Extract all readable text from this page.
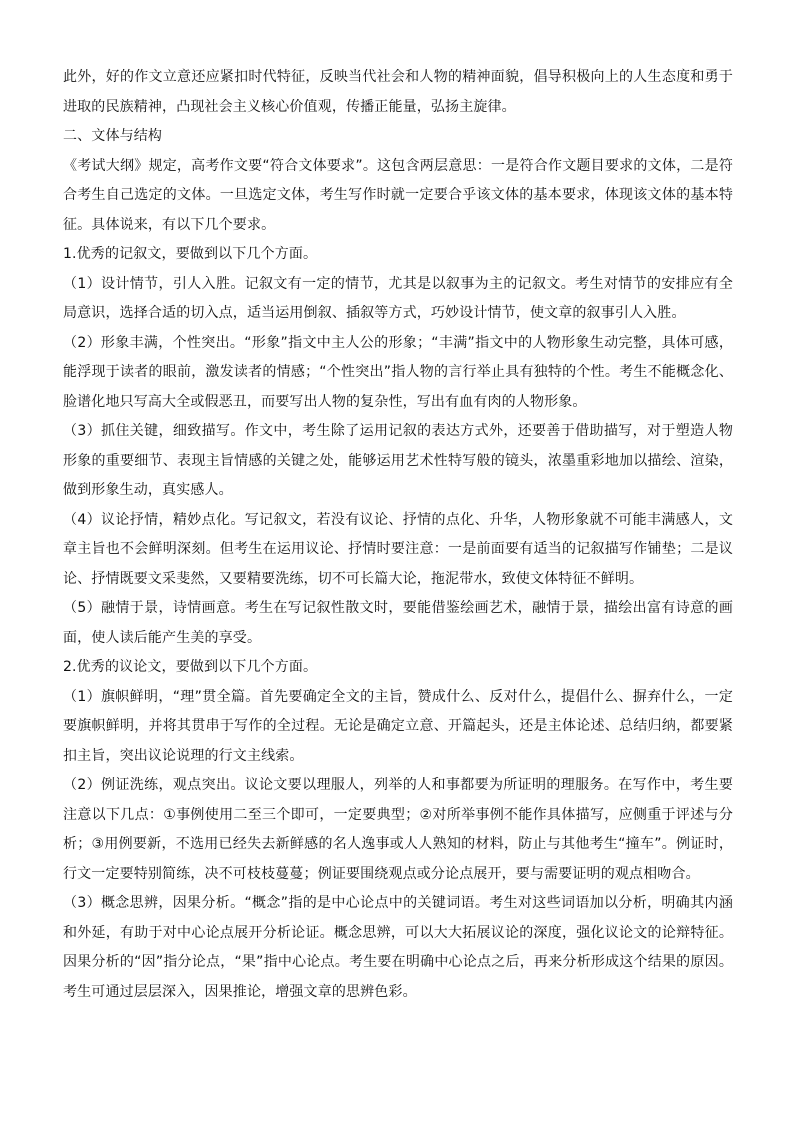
此外，好的作文立意还应紧扣时代特征，反映当代社会和人物的精神面貌，倡导积极向上的人生态度和勇于进取的民族精神，凸现社会主义核心价值观，传播正能量，弘扬主旋律。

二、文体与结构

《考试大纲》规定，高考作文要“符合文体要求”。这包含两层意思：一是符合作文题目要求的文体，二是符合考生自己选定的文体。一旦选定文体，考生写作时就一定要合乎该文体的基本要求，体现该文体的基本特征。具体说来，有以下几个要求。

1.优秀的记叙文，要做到以下几个方面。

（1）设计情节，引人入胜。记叙文有一定的情节，尤其是以叙事为主的记叙文。考生对情节的安排应有全局意识，选择合适的切入点，适当运用倒叙、插叙等方式，巧妙设计情节，使文章的叙事引人入胜。

（2）形象丰满，个性突出。“形象”指文中主人公的形象；“丰满”指文中的人物形象生动完整，具体可感，能浮现于读者的眼前，激发读者的情感；“个性突出”指人物的言行举止具有独特的个性。考生不能概念化、脸谱化地只写高大全或假恶丑，而要写出人物的复杂性，写出有血有肉的人物形象。

（3）抓住关键，细致描写。作文中，考生除了运用记叙的表达方式外，还要善于借助描写，对于塑造人物形象的重要细节、表现主旨情感的关键之处，能够运用艺术性特写般的镜头，浓墨重彩地加以描绘、渲染，做到形象生动，真实感人。

（4）议论抒情，精妙点化。写记叙文，若没有议论、抒情的点化、升华，人物形象就不可能丰满感人，文章主旨也不会鲜明深刻。但考生在运用议论、抒情时要注意：一是前面要有适当的记叙描写作铺垫；二是议论、抒情既要文采斐然，又要精要洗练，切不可长篇大论，拖泥带水，致使文体特征不鲜明。

（5）融情于景，诗情画意。考生在写记叙性散文时，要能借鉴绘画艺术，融情于景，描绘出富有诗意的画面，使人读后能产生美的享受。

2.优秀的议论文，要做到以下几个方面。

（1）旗帜鲜明，“理”贯全篇。首先要确定全文的主旨，赞成什么、反对什么，提倡什么、摒弃什么，一定要旗帜鲜明，并将其贯串于写作的全过程。无论是确定立意、开篇起头，还是主体论述、总结归纳，都要紧扣主旨，突出议论说理的行文主线索。

（2）例证洗练，观点突出。议论文要以理服人，列举的人和事都要为所证明的理服务。在写作中，考生要注意以下几点：①事例使用二至三个即可，一定要典型；②对所举事例不能作具体描写，应侧重于评述与分析；③用例要新，不选用已经失去新鲜感的名人逸事或人人熟知的材料，防止与其他考生“撞车”。例证时，行文一定要特别简练，决不可枝枝蔓蔓；例证要围绕观点或分论点展开，要与需要证明的观点相吻合。

（3）概念思辨，因果分析。“概念”指的是中心论点中的关键词语。考生对这些词语加以分析，明确其内涵和外延，有助于对中心论点展开分析论证。概念思辨，可以大大拓展议论的深度，强化议论文的论辩特征。因果分析的“因”指分论点，“果”指中心论点。考生要在明确中心论点之后，再来分析形成这个结果的原因。考生可通过层层深入，因果推论，增强文章的思辨色彩。
